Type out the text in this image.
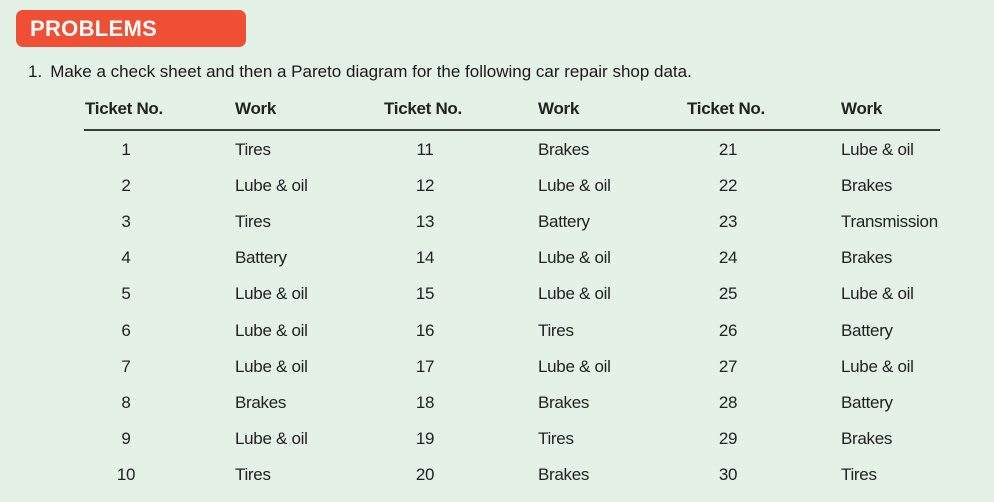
PROBLEMS
1. Make a check sheet and then a Pareto diagram for the following car repair shop data.
Ticket No.	Work	Ticket No.	Work	Ticket No.	Work
1	Tires	11	Brakes	21	Lube & oil
2	Lube & oil	12	Lube & oil	22	Brakes
3	Tires	13	Battery	23	Transmission
4	Battery	14	Lube & oil	24	Brakes
5	Lube & oil	15	Lube & oil	25	Lube & oil
6	Lube & oil	16	Tires	26	Battery
7	Lube & oil	17	Lube & oil	27	Lube & oil
8	Brakes	18	Brakes	28	Battery
9	Lube & oil	19	Tires	29	Brakes
10	Tires	20	Brakes	30	Tires
